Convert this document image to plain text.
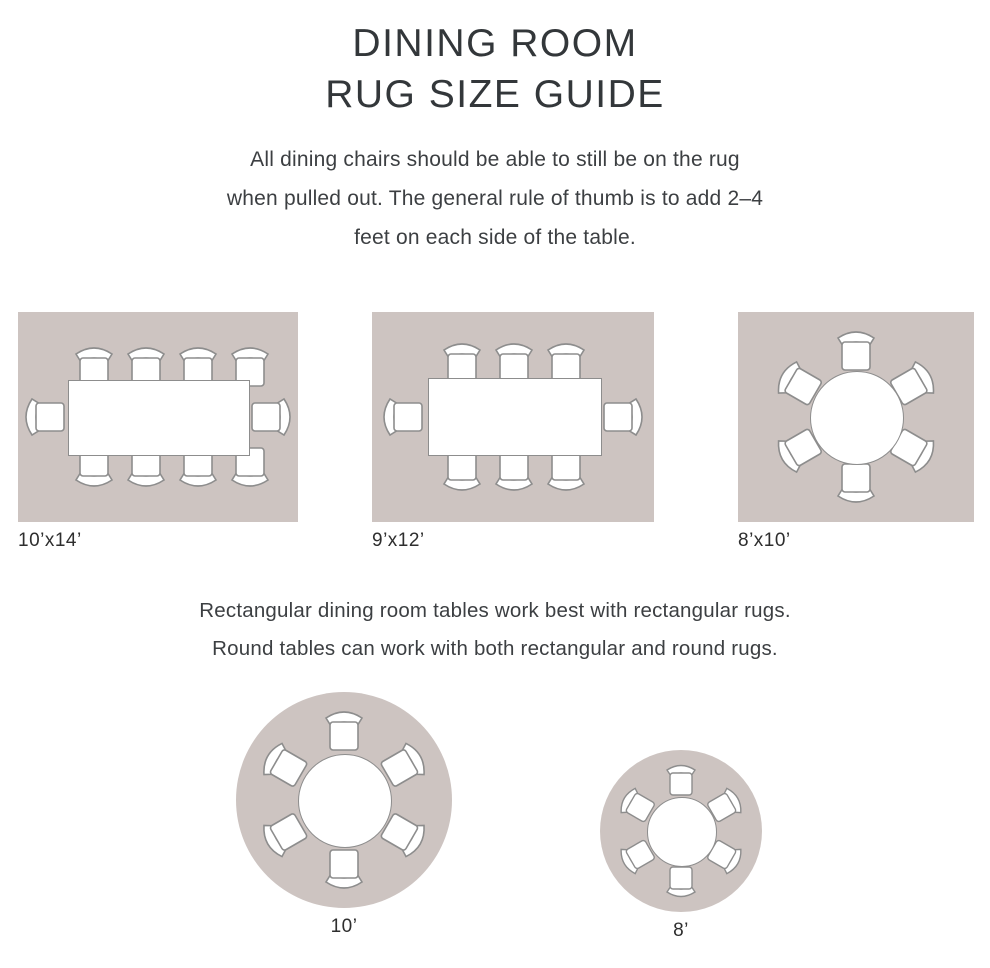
DINING ROOM
RUG SIZE GUIDE
All dining chairs should be able to still be on the rug
when pulled out. The general rule of thumb is to add 2–4
feet on each side of the table.
10’x14’	9’x12’	8’x10’
Rectangular dining room tables work best with rectangular rugs.
Round tables can work with both rectangular and round rugs.
10’	8’
